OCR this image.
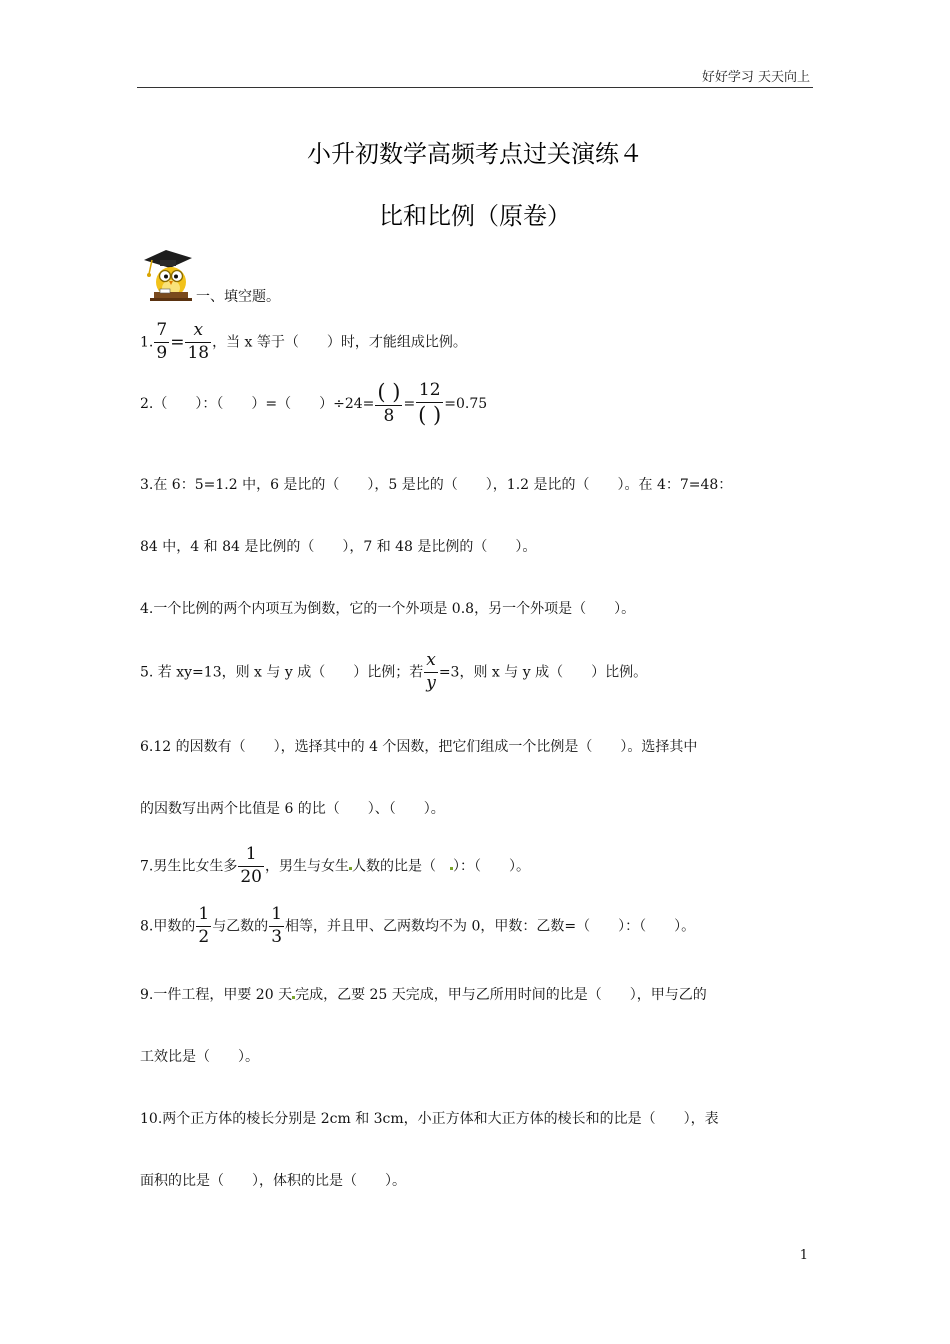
好好学习 天天向上
小升初数学高频考点过关演练４
比和比例（原卷）
一、填空题。
1. $\frac{7}{9} = \frac{x}{18}$ ，当 x 等于（　　）时，才能组成比例。
2.（　　）：（　　）=（　　）$\div 24= \frac{( )}{8} = \frac{12}{( )} =0.75$
3.在 6：5=1.2 中，6 是比的（　　），5 是比的（　　），1.2 是比的（　　）。在 4：7=48：
84 中，4 和 84 是比例的（　　），7 和 48 是比例的（　　）。
4.一个比例的两个内项互为倒数，它的一个外项是 0.8，另一个外项是（　　）。
5. 若 xy=13，则 x 与 y 成（　　）比例；若 $\frac{x}{y} =3$，则 x 与 y 成（　　）比例。
6.12 的因数有（　　），选择其中的 4 个因数，把它们组成一个比例是（　　）。选择其中
的因数写出两个比值是 6 的比（　　）、（　　）。
7.男生比女生多 $\frac{1}{20}$ ，男生与女生 人数的比是（　）：（　　）。
8.甲数的 $\frac{1}{2}$ 与乙数的 $\frac{1}{3}$ 相等，并且甲、乙两数均不为 0，甲数：乙数=（　　）：（　　）。
9.一件工程，甲要 20 天 完成，乙要 25 天完成，甲与乙所用时间的比是（　　），甲与乙的
工效比是（　　）。
10.两个正方体的棱长分别是 2cm 和 3cm，小正方体和大正方体的棱长和的比是（　　），表
面积的比是（　　），体积的比是（　　）。
1
